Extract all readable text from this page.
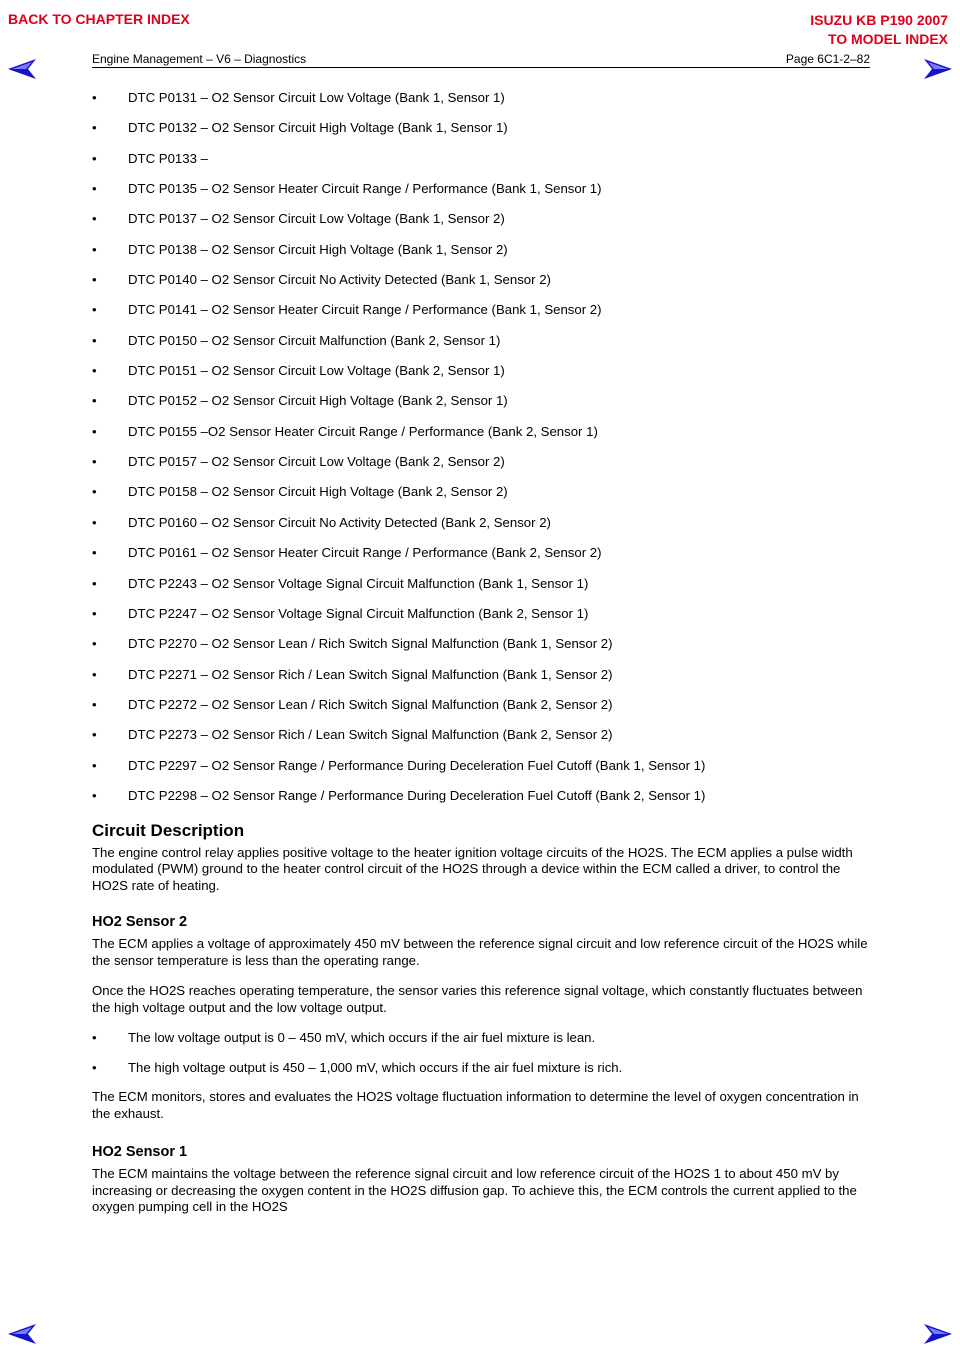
BACK TO CHAPTER INDEX	ISUZU KB P190 2007
TO MODEL INDEX
Engine Management – V6 – Diagnostics	Page 6C1-2–82
• DTC P0131 – O2 Sensor Circuit Low Voltage (Bank 1, Sensor 1)
• DTC P0132 – O2 Sensor Circuit High Voltage (Bank 1, Sensor 1)
• DTC P0133 –
• DTC P0135 – O2 Sensor Heater Circuit Range / Performance (Bank 1, Sensor 1)
• DTC P0137 – O2 Sensor Circuit Low Voltage (Bank 1, Sensor 2)
• DTC P0138 – O2 Sensor Circuit High Voltage (Bank 1, Sensor 2)
• DTC P0140 – O2 Sensor Circuit No Activity Detected (Bank 1, Sensor 2)
• DTC P0141 – O2 Sensor Heater Circuit Range / Performance (Bank 1, Sensor 2)
• DTC P0150 – O2 Sensor Circuit Malfunction (Bank 2, Sensor 1)
• DTC P0151 – O2 Sensor Circuit Low Voltage (Bank 2, Sensor 1)
• DTC P0152 – O2 Sensor Circuit High Voltage (Bank 2, Sensor 1)
• DTC P0155 –O2 Sensor Heater Circuit Range / Performance (Bank 2, Sensor 1)
• DTC P0157 – O2 Sensor Circuit Low Voltage (Bank 2, Sensor 2)
• DTC P0158 – O2 Sensor Circuit High Voltage (Bank 2, Sensor 2)
• DTC P0160 – O2 Sensor Circuit No Activity Detected (Bank 2, Sensor 2)
• DTC P0161 – O2 Sensor Heater Circuit Range / Performance (Bank 2, Sensor 2)
• DTC P2243 – O2 Sensor Voltage Signal Circuit Malfunction (Bank 1, Sensor 1)
• DTC P2247 – O2 Sensor Voltage Signal Circuit Malfunction (Bank 2, Sensor 1)
• DTC P2270 – O2 Sensor Lean / Rich Switch Signal Malfunction (Bank 1, Sensor 2)
• DTC P2271 – O2 Sensor Rich / Lean Switch Signal Malfunction (Bank 1, Sensor 2)
• DTC P2272 – O2 Sensor Lean / Rich Switch Signal Malfunction (Bank 2, Sensor 2)
• DTC P2273 – O2 Sensor Rich / Lean Switch Signal Malfunction (Bank 2, Sensor 2)
• DTC P2297 – O2 Sensor Range / Performance During Deceleration Fuel Cutoff (Bank 1, Sensor 1)
• DTC P2298 – O2 Sensor Range / Performance During Deceleration Fuel Cutoff (Bank 2, Sensor 1)
Circuit Description

The engine control relay applies positive voltage to the heater ignition voltage circuits of the HO2S. The ECM applies a pulse width modulated (PWM) ground to the heater control circuit of the HO2S through a device within the ECM called a driver, to control the HO2S rate of heating.

HO2 Sensor 2

The ECM applies a voltage of approximately 450 mV between the reference signal circuit and low reference circuit of the HO2S while the sensor temperature is less than the operating range.

Once the HO2S reaches operating temperature, the sensor varies this reference signal voltage, which constantly fluctuates between the high voltage output and the low voltage output.

• The low voltage output is 0 – 450 mV, which occurs if the air fuel mixture is lean.
• The high voltage output is 450 – 1,000 mV, which occurs if the air fuel mixture is rich.

The ECM monitors, stores and evaluates the HO2S voltage fluctuation information to determine the level of oxygen concentration in the exhaust.

HO2 Sensor 1

The ECM maintains the voltage between the reference signal circuit and low reference circuit of the HO2S 1 to about 450 mV by increasing or decreasing the oxygen content in the HO2S diffusion gap. To achieve this, the ECM controls the current applied to the oxygen pumping cell in the HO2S
